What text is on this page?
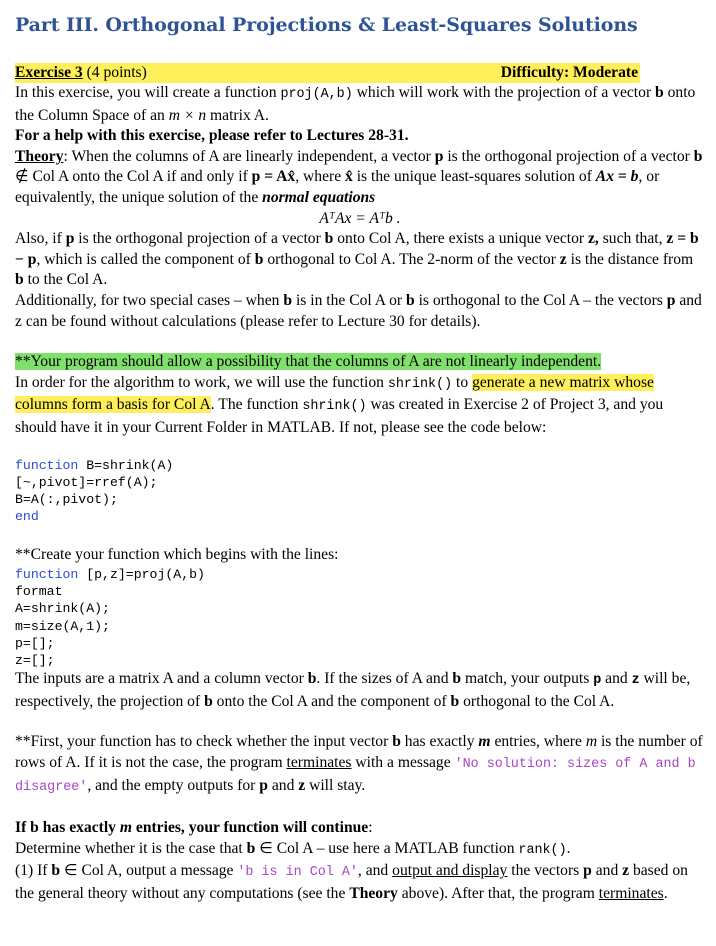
Part III. Orthogonal Projections & Least-Squares Solutions
Exercise 3 (4 points)	Difficulty: Moderate

In this exercise, you will create a function proj(A,b) which will work with the projection of a vector b onto the Column Space of an m × n matrix A.

For a help with this exercise, please refer to Lectures 28-31.

Theory: When the columns of A are linearly independent, a vector p is the orthogonal projection of a vector b ∉ Col A onto the Col A if and only if p = Ax̂, where x̂ is the unique least-squares solution of Ax = b, or equivalently, the unique solution of the normal equations

AᵀAx = Aᵀb .

Also, if p is the orthogonal projection of a vector b onto Col A, there exists a unique vector z, such that, z = b − p, which is called the component of b orthogonal to Col A. The 2-norm of the vector z is the distance from b to the Col A.

Additionally, for two special cases – when b is in the Col A or b is orthogonal to the Col A – the vectors p and z can be found without calculations (please refer to Lecture 30 for details).

**Your program should allow a possibility that the columns of A are not linearly independent.

In order for the algorithm to work, we will use the function shrink() to generate a new matrix whose columns form a basis for Col A. The function shrink() was created in Exercise 2 of Project 3, and you should have it in your Current Folder in MATLAB. If not, please see the code below:

function B=shrink(A)
[~,pivot]=rref(A);
B=A(:,pivot);
end

**Create your function which begins with the lines:

function [p,z]=proj(A,b)
format
A=shrink(A);
m=size(A,1);
p=[];
z=[];

The inputs are a matrix A and a column vector b. If the sizes of A and b match, your outputs p and z will be, respectively, the projection of b onto the Col A and the component of b orthogonal to the Col A.

**First, your function has to check whether the input vector b has exactly m entries, where m is the number of rows of A. If it is not the case, the program terminates with a message 'No solution: sizes of A and b disagree', and the empty outputs for p and z will stay.

If b has exactly m entries, your function will continue:

Determine whether it is the case that b ∈ Col A – use here a MATLAB function rank().

(1) If b ∈ Col A, output a message 'b is in Col A', and output and display the vectors p and z based on the general theory without any computations (see the Theory above). After that, the program terminates.
